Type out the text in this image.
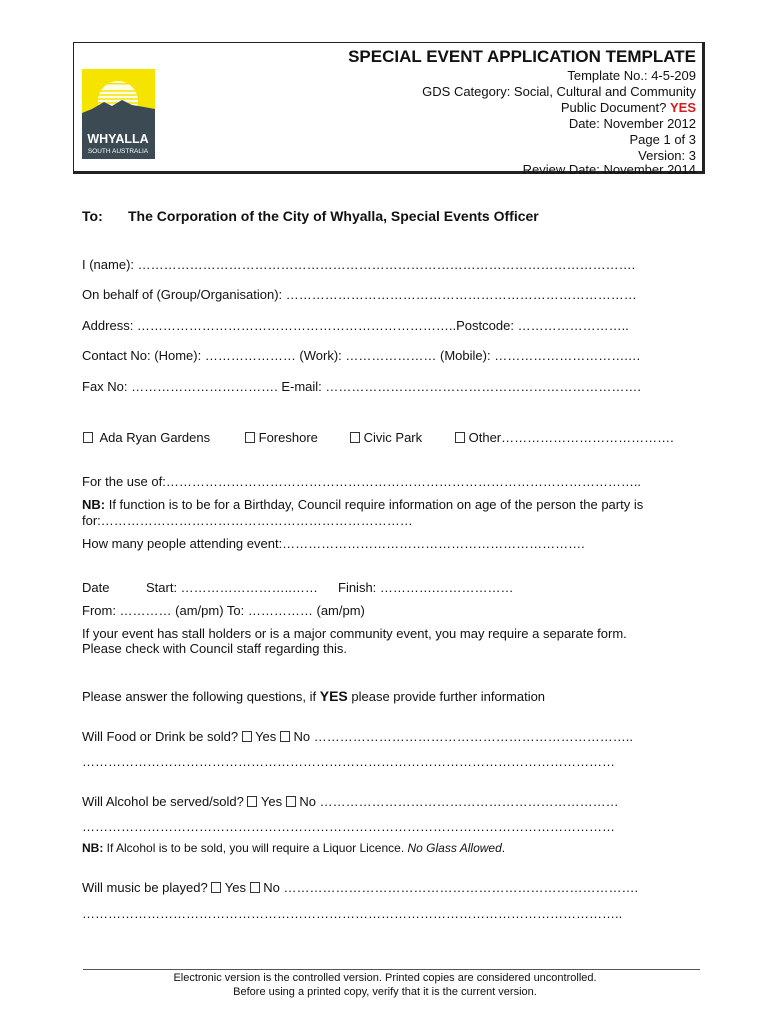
WHYALLA
SOUTH AUSTRALIA
SPECIAL EVENT APPLICATION TEMPLATE
Template No.: 4-5-209
GDS Category: Social, Cultural and Community
Public Document? YES
Date: November 2012
Page 1 of 3
Version: 3
Review Date: November 2014
To: The Corporation of the City of Whyalla, Special Events Officer
I (name): …………………………………………………………………………………………………….
On behalf of (Group/Organisation): ………………………………………………………………………
Address: ………………………………………………………………..Postcode: ……………………..
Contact No: (Home): ………………… (Work): ………………… (Mobile): ………………………….…
Fax No: ……………………………. E-mail: ……………………………………………………………….
Ada Ryan Gardens	Foreshore	Civic Park	Other………………………………….
For the use of:………………………………………………………………………………………………..
NB: If function is to be for a Birthday, Council require information on age of the person the party is
for:………………………………………………………………
How many people attending event:…………………………………………………………….
Date	Start: ……………………..…… Finish: ………….………………
From: ………… (am/pm) To: …………… (am/pm)
If your event has stall holders or is a major community event, you may require a separate form.
Please check with Council staff regarding this.
Please answer the following questions, if YES please provide further information
Will Food or Drink be sold? Yes No ………………………………………………………………..
……………………………………………………………………………………………………………
Will Alcohol be served/sold? Yes No ……………………………………………………………
……………………………………………………………………………………………………………
NB: If Alcohol is to be sold, you will require a Liquor Licence. No Glass Allowed.
Will music be played? Yes No ……………………………………………………………………….
……………………………………………………………………………………………………………..
Electronic version is the controlled version. Printed copies are considered uncontrolled.
Before using a printed copy, verify that it is the current version.
